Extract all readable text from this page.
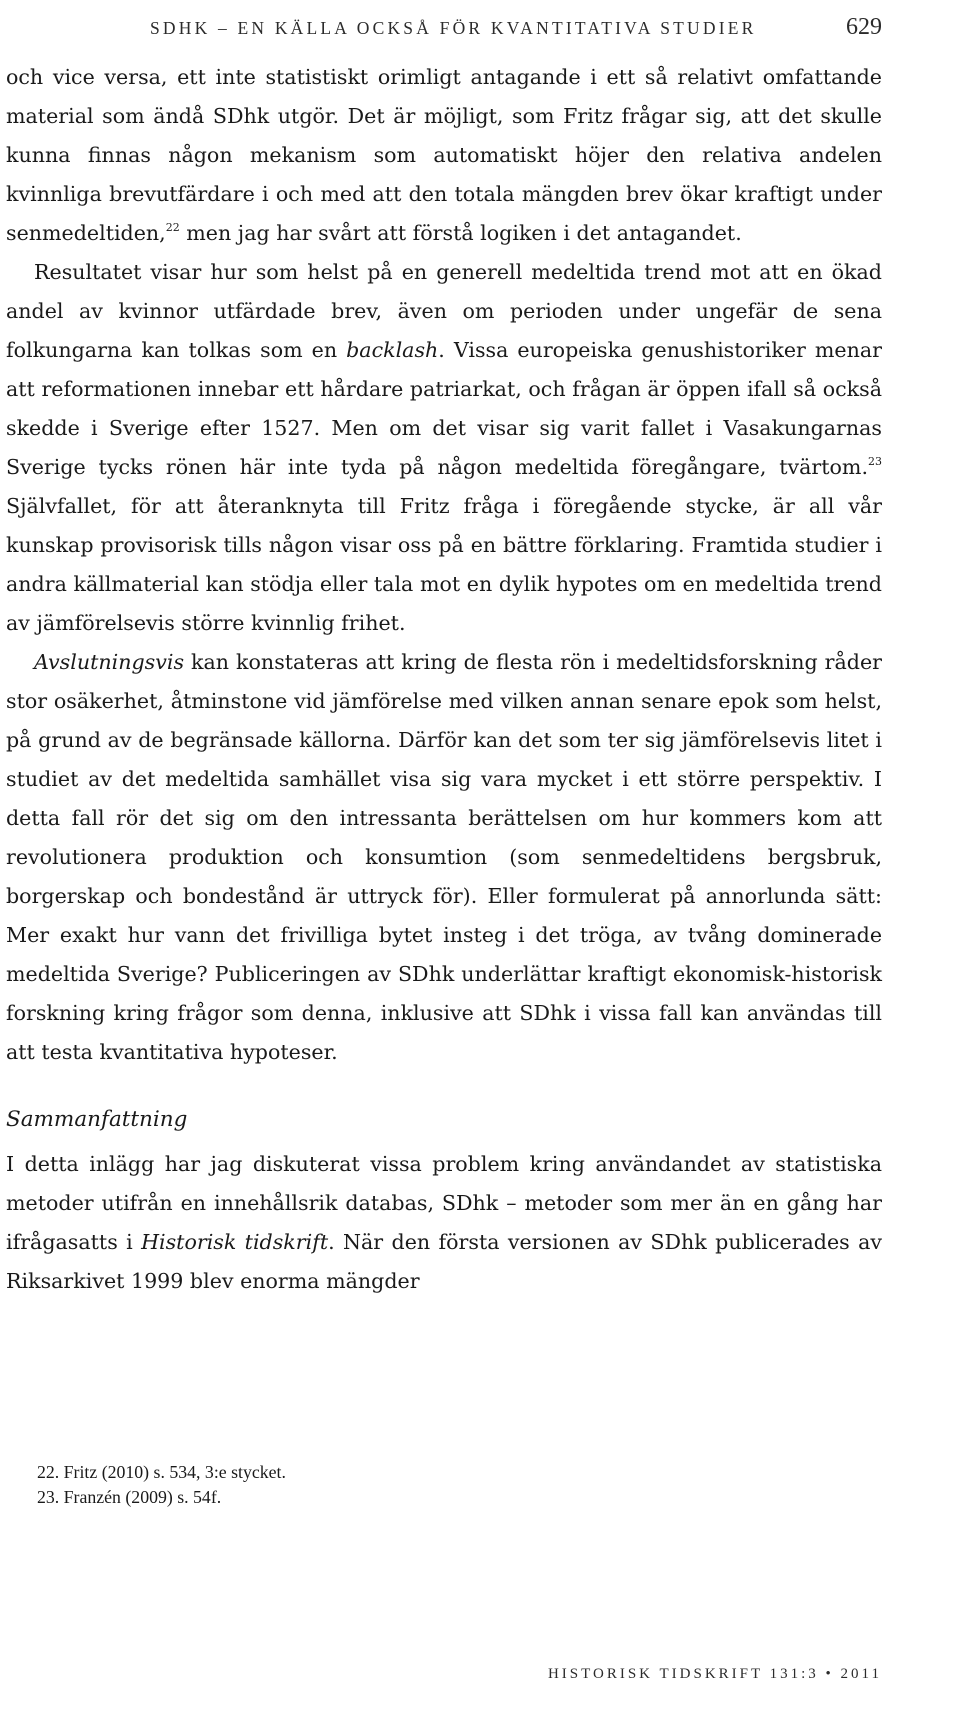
SDHK – EN KÄLLA OCKSÅ FÖR KVANTITATIVA STUDIER	629

och vice versa, ett inte statistiskt orimligt antagande i ett så relativt omfattande material som ändå SDhk utgör. Det är möjligt, som Fritz frågar sig, att det skulle kunna finnas någon mekanism som automatiskt höjer den relativa andelen kvinnliga brevutfärdare i och med att den totala mängden brev ökar kraftigt under senmedeltiden,$^{22}$ men jag har svårt att förstå logiken i det antagandet.

Resultatet visar hur som helst på en generell medeltida trend mot att en ökad andel av kvinnor utfärdade brev, även om perioden under ungefär de sena folkungarna kan tolkas som en backlash. Vissa europeiska genushistoriker menar att reformationen innebar ett hårdare patriarkat, och frågan är öppen ifall så också skedde i Sverige efter 1527. Men om det visar sig varit fallet i Vasakungarnas Sverige tycks rönen här inte tyda på någon medeltida föregångare, tvärtom.$^{23}$ Självfallet, för att återanknyta till Fritz fråga i föregående stycke, är all vår kunskap provisorisk tills någon visar oss på en bättre förklaring. Framtida studier i andra källmaterial kan stödja eller tala mot en dylik hypotes om en medeltida trend av jämförelsevis större kvinnlig frihet.

Avslutningsvis kan konstateras att kring de flesta rön i medeltidsforskning råder stor osäkerhet, åtminstone vid jämförelse med vilken annan senare epok som helst, på grund av de begränsade källorna. Därför kan det som ter sig jämförelsevis litet i studiet av det medeltida samhället visa sig vara mycket i ett större perspektiv. I detta fall rör det sig om den intressanta berättelsen om hur kommers kom att revolutionera produktion och konsumtion (som senmedeltidens bergsbruk, borgerskap och bondestånd är uttryck för). Eller formulerat på annorlunda sätt: Mer exakt hur vann det frivilliga bytet insteg i det tröga, av tvång dominerade medeltida Sverige? Publiceringen av SDhk underlättar kraftigt ekonomisk-historisk forskning kring frågor som denna, inklusive att SDhk i vissa fall kan användas till att testa kvantitativa hypoteser.

Sammanfattning

I detta inlägg har jag diskuterat vissa problem kring användandet av statistiska metoder utifrån en innehållsrik databas, SDhk – metoder som mer än en gång har ifrågasatts i Historisk tidskrift. När den första versionen av SDhk publicerades av Riksarkivet 1999 blev enorma mängder

22. Fritz (2010) s. 534, 3:e stycket.
23. Franzén (2009) s. 54f.
HISTORISK TIDSKRIFT 131:3 • 2011
